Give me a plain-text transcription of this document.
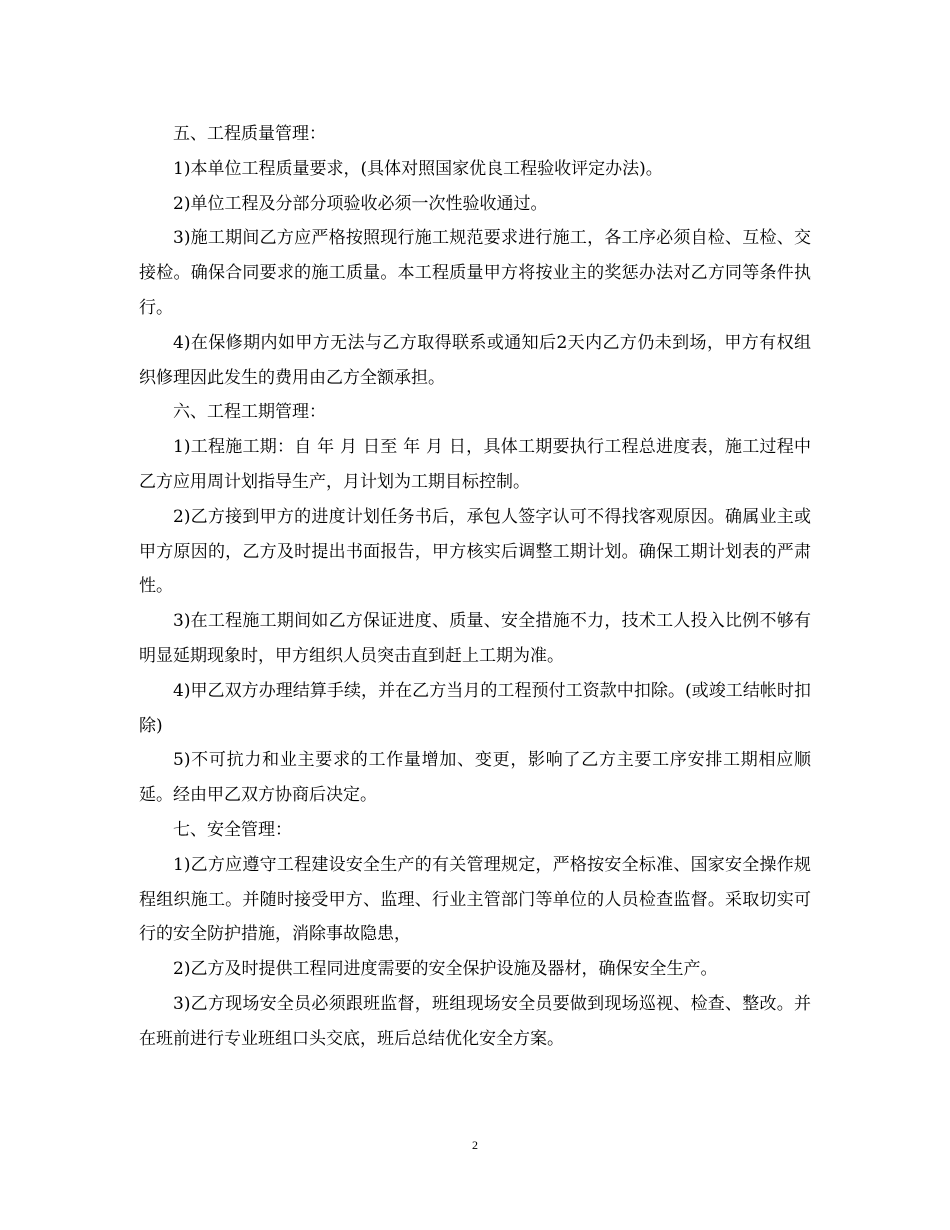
五、工程质量管理：

1)本单位工程质量要求，(具体对照国家优良工程验收评定办法)。

2)单位工程及分部分项验收必须一次性验收通过。

3)施工期间乙方应严格按照现行施工规范要求进行施工，各工序必须自检、互检、交接检。确保合同要求的施工质量。本工程质量甲方将按业主的奖惩办法对乙方同等条件执行。

4)在保修期内如甲方无法与乙方取得联系或通知后2天内乙方仍未到场，甲方有权组织修理因此发生的费用由乙方全额承担。

六、工程工期管理：

1)工程施工期：自 年 月 日至 年 月 日，具体工期要执行工程总进度表，施工过程中乙方应用周计划指导生产，月计划为工期目标控制。

2)乙方接到甲方的进度计划任务书后，承包人签字认可不得找客观原因。确属业主或甲方原因的，乙方及时提出书面报告，甲方核实后调整工期计划。确保工期计划表的严肃性。

3)在工程施工期间如乙方保证进度、质量、安全措施不力，技术工人投入比例不够有明显延期现象时，甲方组织人员突击直到赶上工期为准。

4)甲乙双方办理结算手续，并在乙方当月的工程预付工资款中扣除。(或竣工结帐时扣除)

5)不可抗力和业主要求的工作量增加、变更，影响了乙方主要工序安排工期相应顺延。经由甲乙双方协商后决定。

七、安全管理：

1)乙方应遵守工程建设安全生产的有关管理规定，严格按安全标准、国家安全操作规程组织施工。并随时接受甲方、监理、行业主管部门等单位的人员检查监督。采取切实可行的安全防护措施，消除事故隐患，

2)乙方及时提供工程同进度需要的安全保护设施及器材，确保安全生产。

3)乙方现场安全员必须跟班监督，班组现场安全员要做到现场巡视、检查、整改。并在班前进行专业班组口头交底，班后总结优化安全方案。

2
